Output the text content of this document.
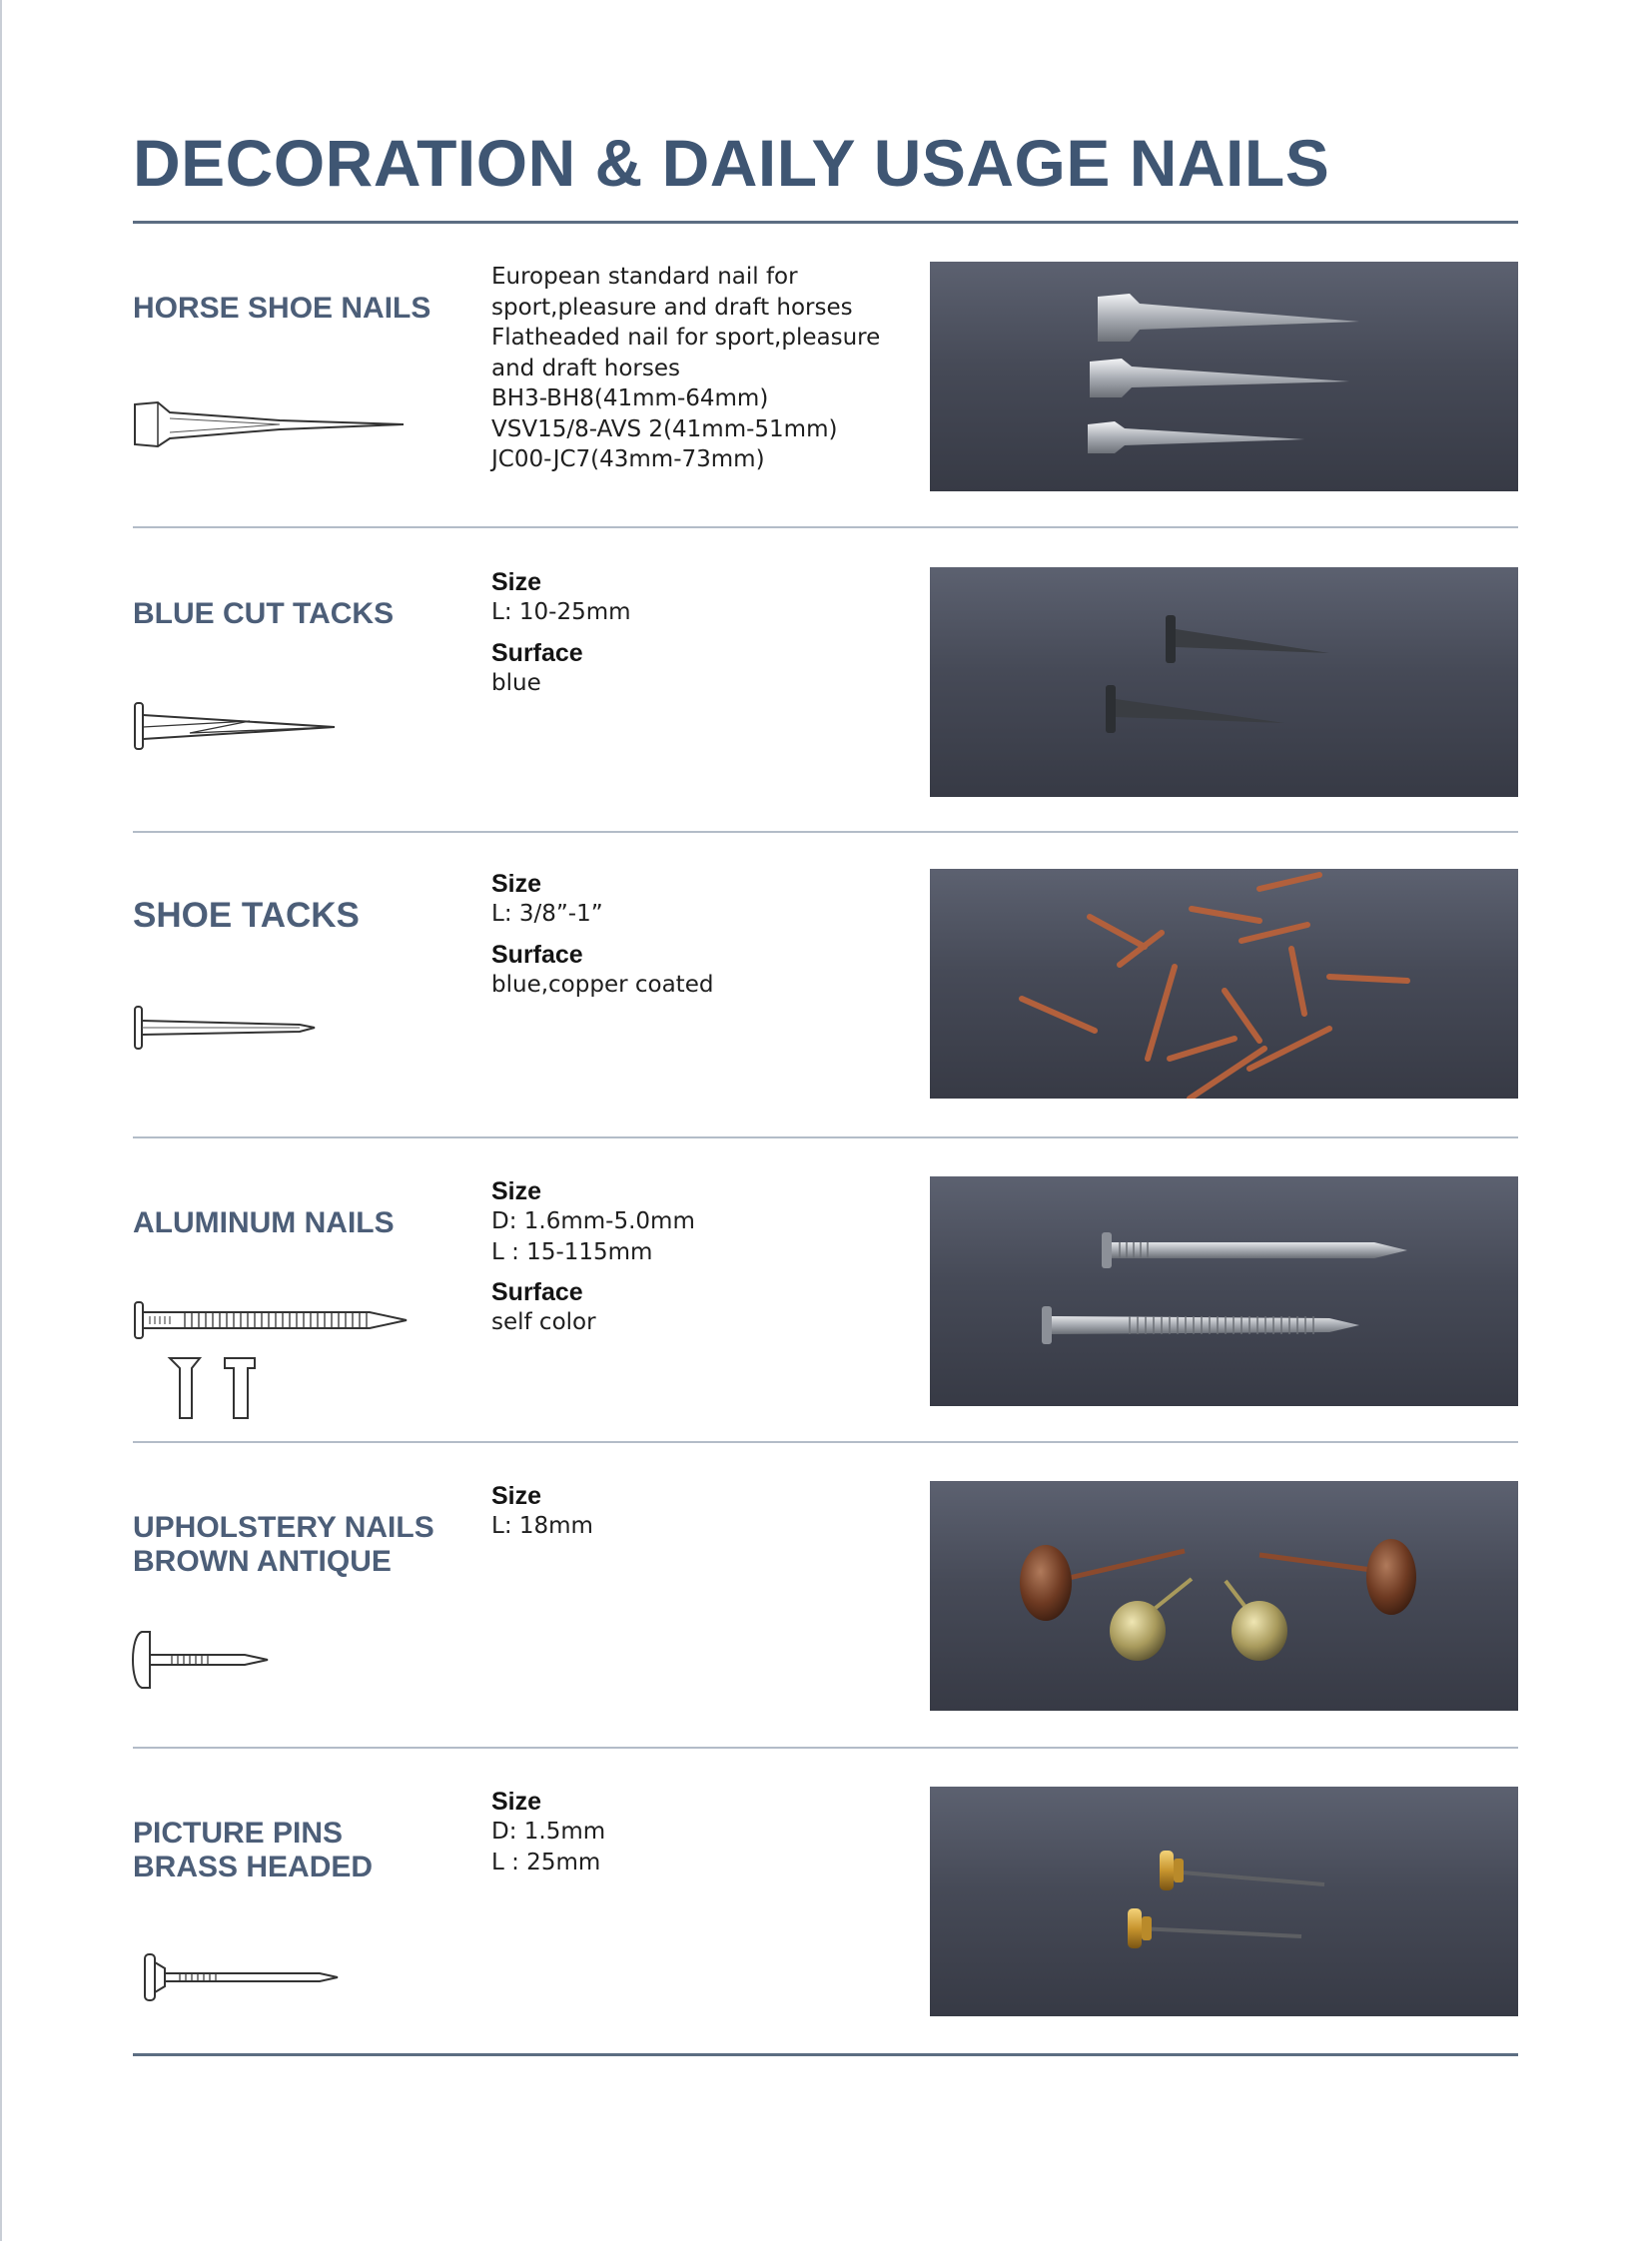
DECORATION & DAILY USAGE NAILS
HORSE SHOE NAILS
European standard nail for
sport,pleasure and draft horses
Flatheaded nail for sport,pleasure
and draft horses
BH3-BH8(41mm-64mm)
VSV15/8-AVS 2(41mm-51mm)
JC00-JC7(43mm-73mm)
BLUE CUT TACKS
Size
L: 10-25mm
Surface
blue
SHOE TACKS
Size
L: 3/8”-1”
Surface
blue,copper coated
ALUMINUM NAILS
Size
D: 1.6mm-5.0mm
L : 15-115mm
Surface
self color
UPHOLSTERY NAILS
BROWN ANTIQUE
Size
L: 18mm
PICTURE PINS
BRASS HEADED
Size
D: 1.5mm
L : 25mm
